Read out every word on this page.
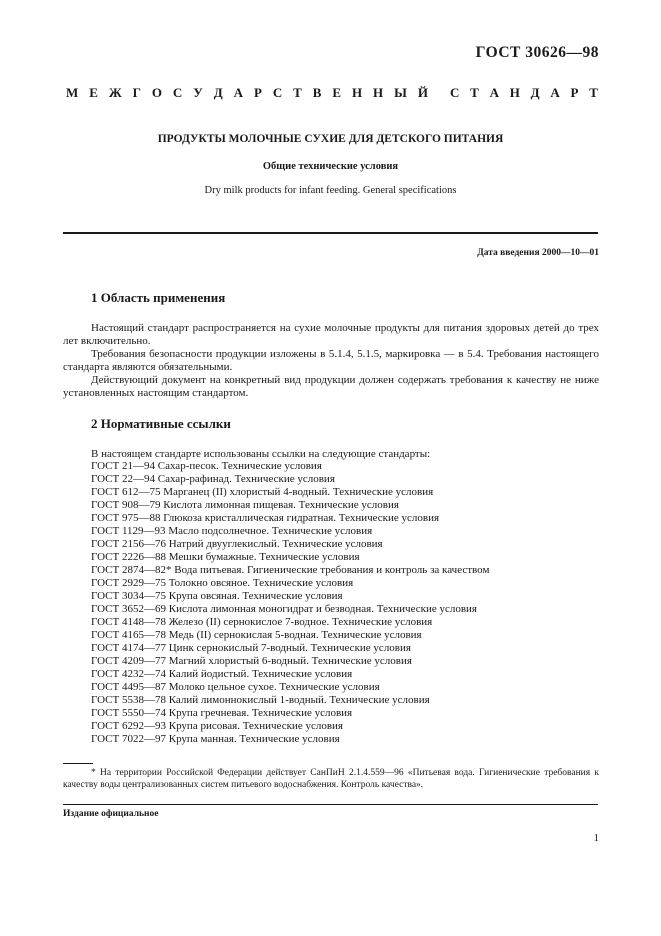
ГОСТ 30626—98
М Е Ж Г О С У Д А Р С Т В Е Н Н Ы Й С Т А Н Д А Р Т
ПРОДУКТЫ МОЛОЧНЫЕ СУХИЕ ДЛЯ ДЕТСКОГО ПИТАНИЯ
Общие технические условия
Dry milk products for infant feeding. General specifications
Дата введения 2000—10—01
1 Область применения
Настоящий стандарт распространяется на сухие молочные продукты для питания здоровых детей до трех лет включительно.
Требования безопасности продукции изложены в 5.1.4, 5.1.5, маркировка — в 5.4. Требования настоящего стандарта являются обязательными.
Действующий документ на конкретный вид продукции должен содержать требования к качеству не ниже установленных настоящим стандартом.
2 Нормативные ссылки
В настоящем стандарте использованы ссылки на следующие стандарты:
ГОСТ 21—94 Сахар-песок. Технические условия
ГОСТ 22—94 Сахар-рафинад. Технические условия
ГОСТ 612—75 Марганец (II) хлористый 4-водный. Технические условия
ГОСТ 908—79 Кислота лимонная пищевая. Технические условия
ГОСТ 975—88 Глюкоза кристаллическая гидратная. Технические условия
ГОСТ 1129—93 Масло подсолнечное. Технические условия
ГОСТ 2156—76 Натрий двууглекислый. Технические условия
ГОСТ 2226—88 Мешки бумажные. Технические условия
ГОСТ 2874—82* Вода питьевая. Гигиенические требования и контроль за качеством
ГОСТ 2929—75 Толокно овсяное. Технические условия
ГОСТ 3034—75 Крупа овсяная. Технические условия
ГОСТ 3652—69 Кислота лимонная моногидрат и безводная. Технические условия
ГОСТ 4148—78 Железо (II) сернокислое 7-водное. Технические условия
ГОСТ 4165—78 Медь (II) сернокислая 5-водная. Технические условия
ГОСТ 4174—77 Цинк сернокислый 7-водный. Технические условия
ГОСТ 4209—77 Магний хлористый 6-водный. Технические условия
ГОСТ 4232—74 Калий йодистый. Технические условия
ГОСТ 4495—87 Молоко цельное сухое. Технические условия
ГОСТ 5538—78 Калий лимоннокислый 1-водный. Технические условия
ГОСТ 5550—74 Крупа гречневая. Технические условия
ГОСТ 6292—93 Крупа рисовая. Технические условия
ГОСТ 7022—97 Крупа манная. Технические условия
* На территории Российской Федерации действует СанПиН 2.1.4.559—96 «Питьевая вода. Гигиенические требования к качеству воды централизованных систем питьевого водоснабжения. Контроль качества».
Издание официальное
1
